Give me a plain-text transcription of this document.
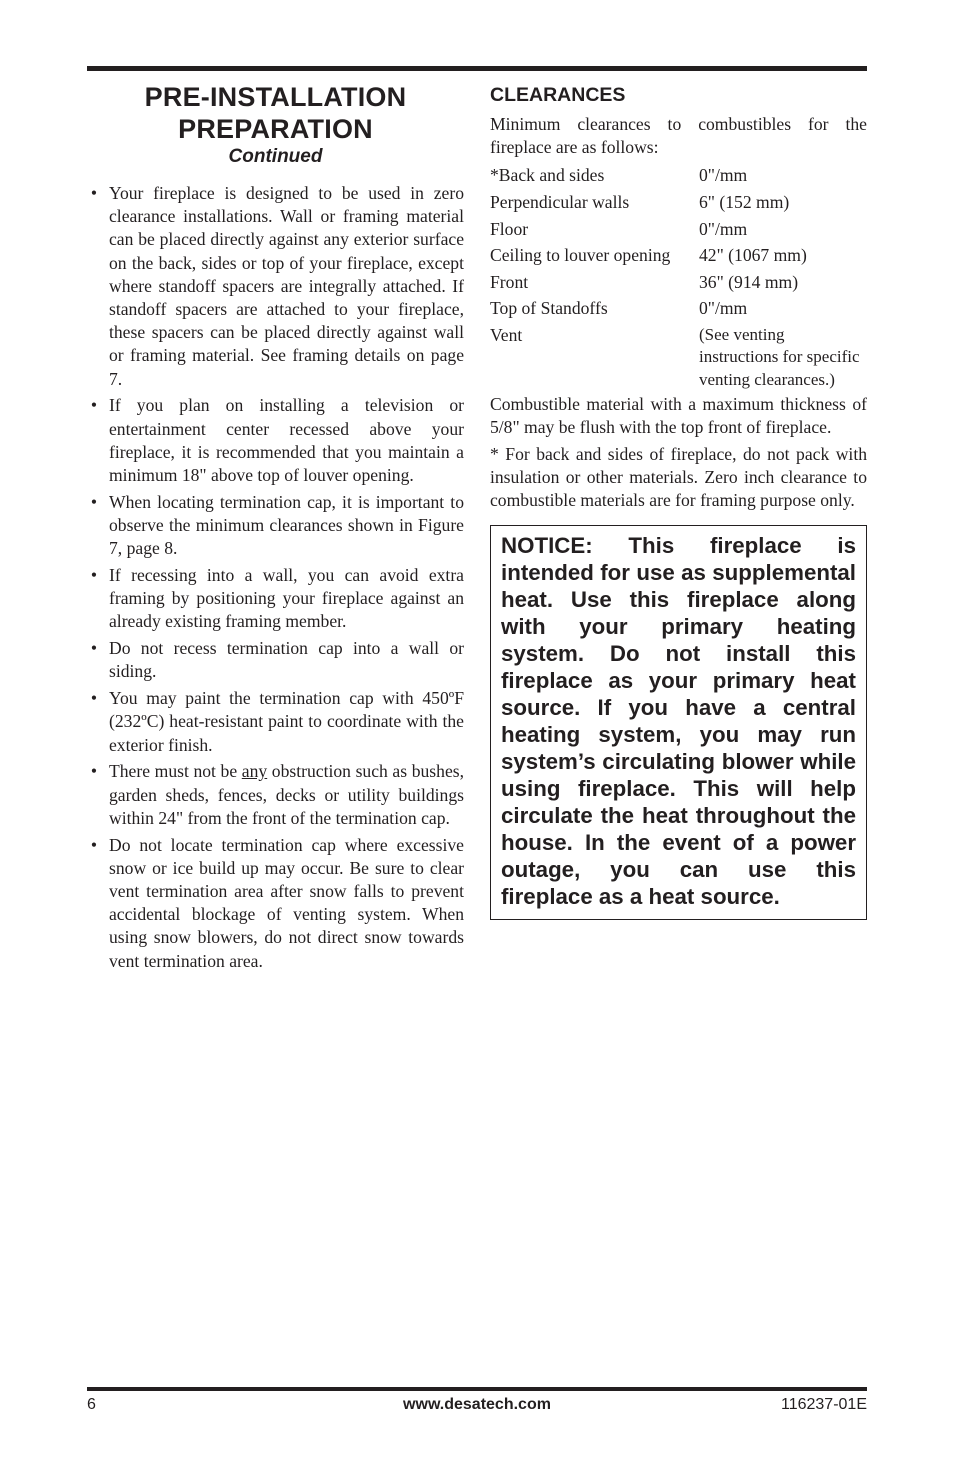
PRE-INSTALLATION
PREPARATION
Continued
• Your fireplace is designed to be used in zero clearance installations. Wall or framing material can be placed directly against any exterior surface on the back, sides or top of your fireplace, except where standoff spacers are integrally attached. If standoff spacers are attached to your fireplace, these spacers can be placed directly against wall or framing material. See framing details on page 7.
• If you plan on installing a television or entertainment center recessed above your fireplace, it is recommended that you maintain a minimum 18" above top of louver opening.
• When locating termination cap, it is important to observe the minimum clearances shown in Figure 7, page 8.
• If recessing into a wall, you can avoid extra framing by positioning your fireplace against an already existing framing member.
• Do not recess termination cap into a wall or siding.
• You may paint the termination cap with 450ºF (232ºC) heat-resistant paint to coordinate with the exterior finish.
• There must not be any obstruction such as bushes, garden sheds, fences, decks or utility buildings within 24" from the front of the termination cap.
• Do not locate termination cap where excessive snow or ice build up may occur. Be sure to clear vent termination area after snow falls to prevent accidental blockage of venting system. When using snow blowers, do not direct snow towards vent termination area.
CLEARANCES

Minimum clearances to combustibles for the fireplace are as follows:

*Back and sides	0"/mm
Perpendicular walls	6" (152 mm)
Floor	0"/mm
Ceiling to louver opening	42" (1067 mm)
Front	36" (914 mm)
Top of Standoffs	0"/mm
Vent	(See venting instructions for specific venting clearances.)

Combustible material with a maximum thickness of 5/8" may be flush with the top front of fireplace.

* For back and sides of fireplace, do not pack with insulation or other materials. Zero inch clearance to combustible materials are for framing purpose only.

NOTICE: This fireplace is intended for use as supplemental heat. Use this fireplace along with your primary heating system. Do not install this fireplace as your primary heat source. If you have a central heating system, you may run system’s circulating blower while using fireplace. This will help circulate the heat throughout the house. In the event of a power outage, you can use this fireplace as a heat source.
6	www.desatech.com	116237-01E
